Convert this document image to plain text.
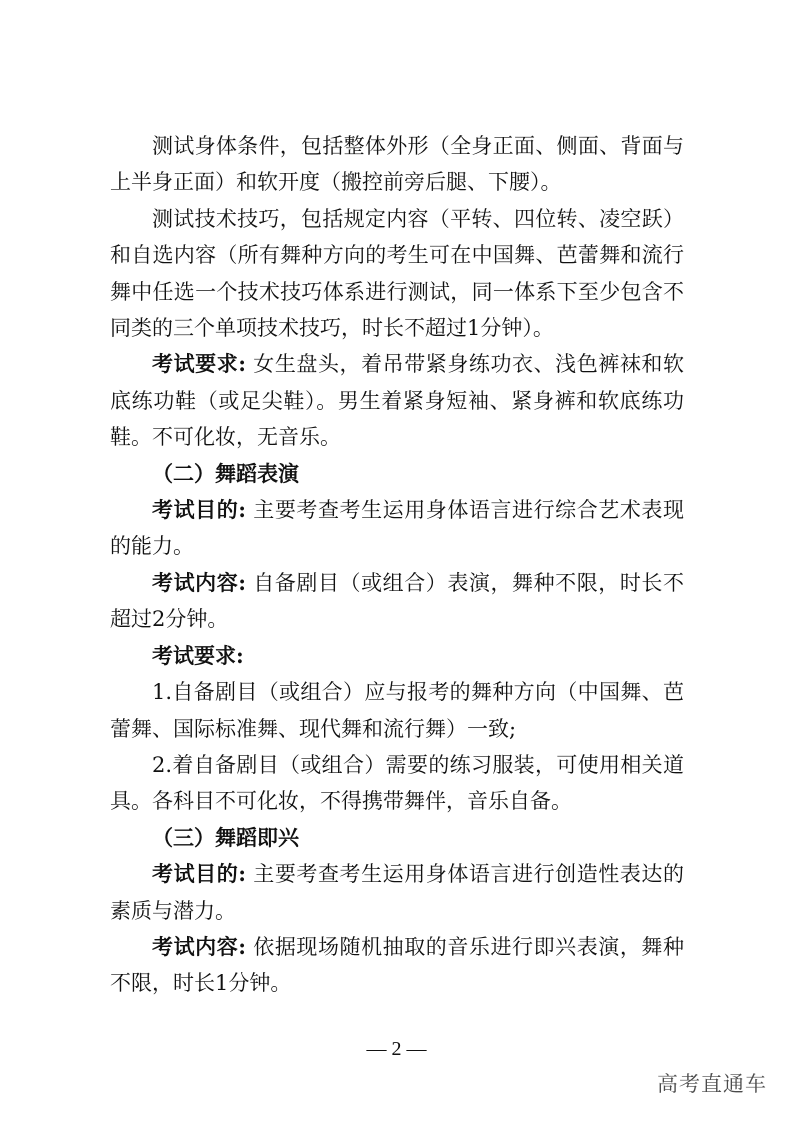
测试身体条件，包括整体外形（全身正面、侧面、背面与上半身正面）和软开度（搬控前旁后腿、下腰）。

测试技术技巧，包括规定内容（平转、四位转、凌空跃）和自选内容（所有舞种方向的考生可在中国舞、芭蕾舞和流行舞中任选一个技术技巧体系进行测试，同一体系下至少包含不同类的三个单项技术技巧，时长不超过1分钟）。

考试要求: 女生盘头，着吊带紧身练功衣、浅色裤袜和软底练功鞋（或足尖鞋）。男生着紧身短袖、紧身裤和软底练功鞋。不可化妆，无音乐。

（二）舞蹈表演

考试目的: 主要考查考生运用身体语言进行综合艺术表现的能力。

考试内容: 自备剧目（或组合）表演，舞种不限，时长不超过2分钟。

考试要求:

1.自备剧目（或组合）应与报考的舞种方向（中国舞、芭蕾舞、国际标准舞、现代舞和流行舞）一致;

2.着自备剧目（或组合）需要的练习服装，可使用相关道具。各科目不可化妆，不得携带舞伴，音乐自备。

（三）舞蹈即兴

考试目的: 主要考查考生运用身体语言进行创造性表达的素质与潜力。

考试内容: 依据现场随机抽取的音乐进行即兴表演，舞种不限，时长1分钟。

— 2 —
高考直通车
